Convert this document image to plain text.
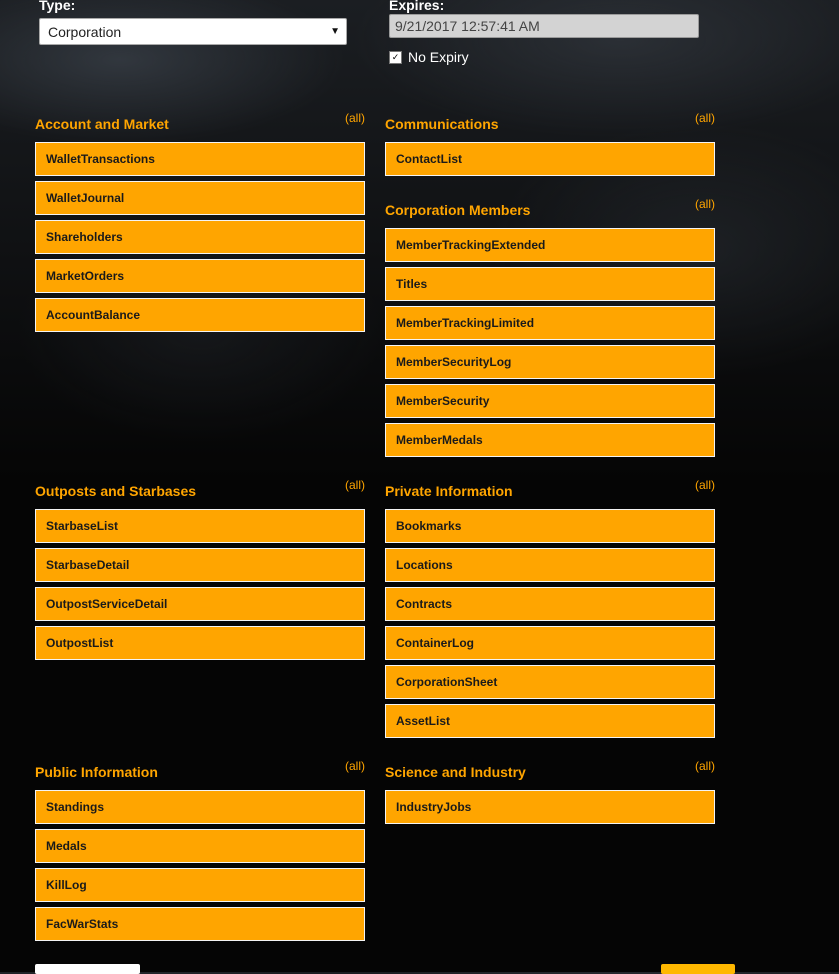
Type:
Corporation	▼
Expires:
9/21/2017 12:57:41 AM
✓ No Expiry
Account and Market	(all)
WalletTransactions
WalletJournal
Shareholders
MarketOrders
AccountBalance
Communications	(all)
ContactList
Corporation Members	(all)
MemberTrackingExtended
Titles
MemberTrackingLimited
MemberSecurityLog
MemberSecurity
MemberMedals
Outposts and Starbases	(all)
StarbaseList
StarbaseDetail
OutpostServiceDetail
OutpostList
Private Information	(all)
Bookmarks
Locations
Contracts
ContainerLog
CorporationSheet
AssetList
Public Information	(all)
Standings
Medals
KillLog
FacWarStats
Science and Industry	(all)
IndustryJobs
